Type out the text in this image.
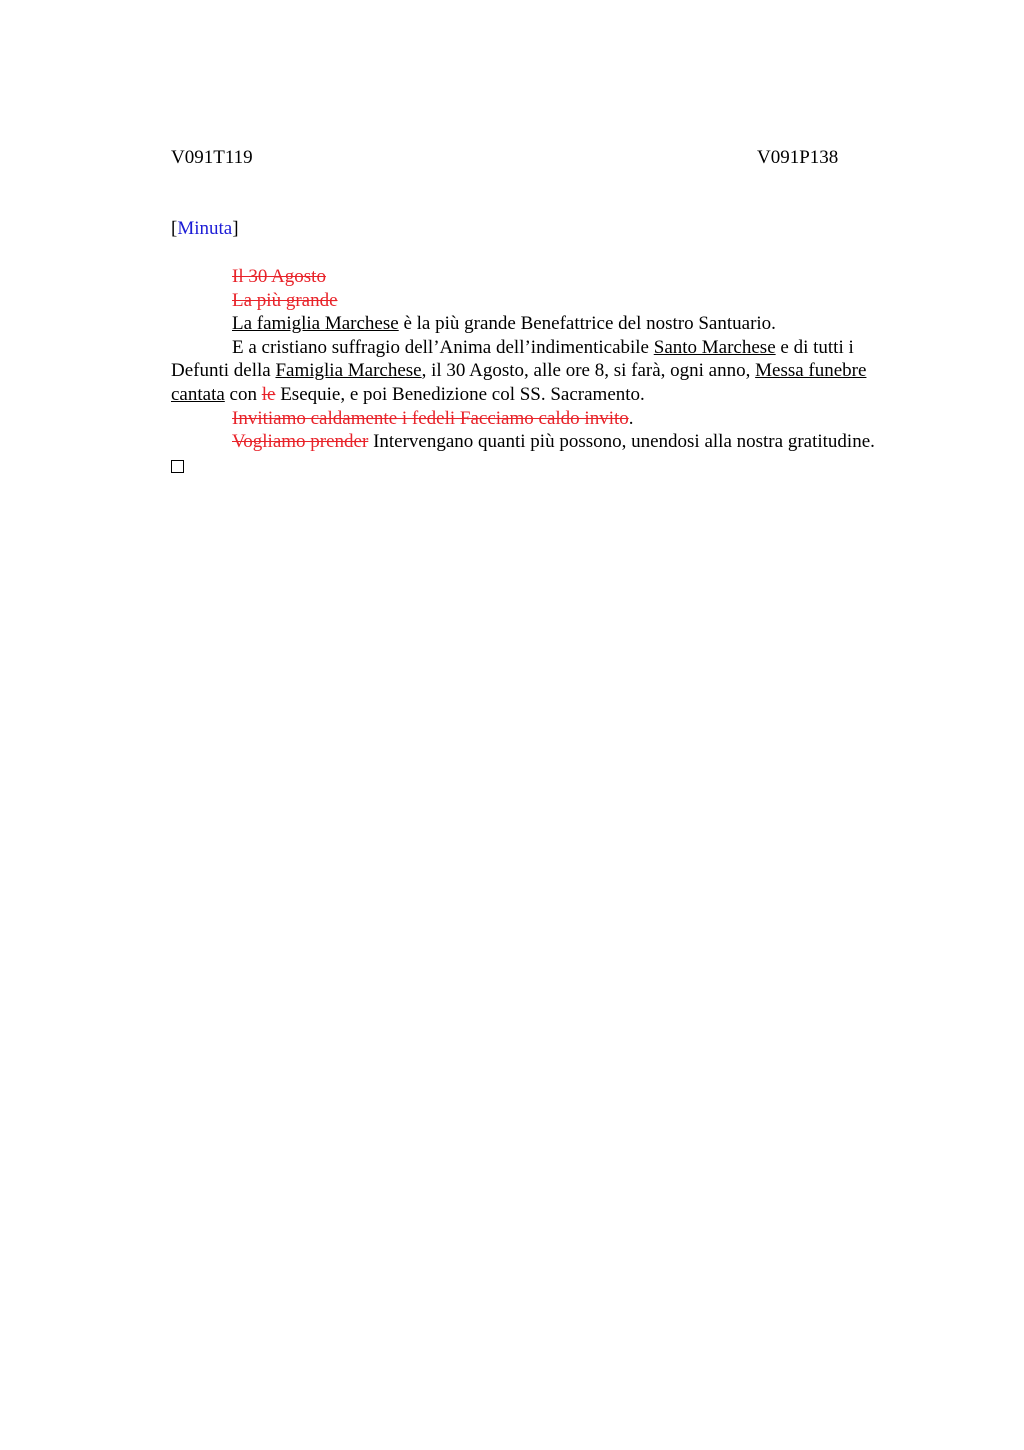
V091T119	V091P138
[Minuta]

Il 30 Agosto

La più grande

La famiglia Marchese è la più grande Benefattrice del nostro Santuario.

E a cristiano suffragio dell’Anima dell’indimenticabile Santo Marchese e di tutti i Defunti della Famiglia Marchese, il 30 Agosto, alle ore 8, si farà, ogni anno, Messa funebre cantata con le Esequie, e poi Benedizione col SS. Sacramento.

Invitiamo caldamente i fedeli Facciamo caldo invito.

Vogliamo prender Intervengano quanti più possono, unendosi alla nostra gratitudine.
